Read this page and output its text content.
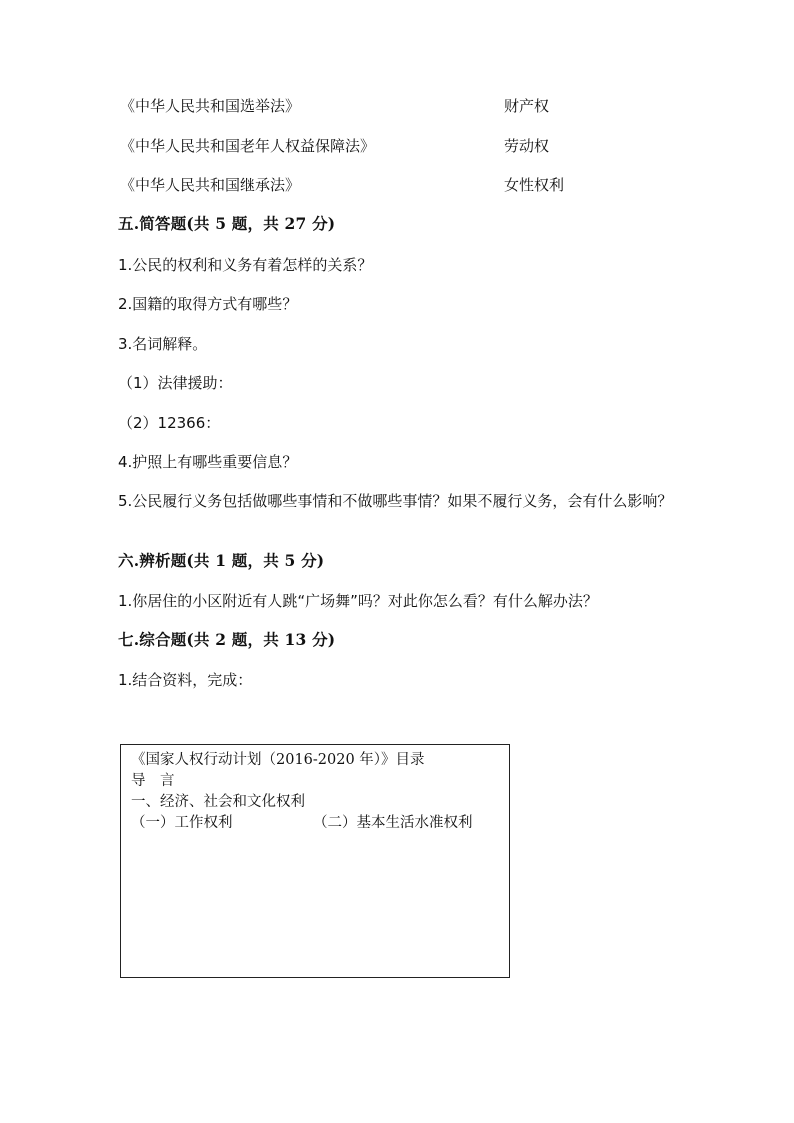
《中华人民共和国选举法》	财产权
《中华人民共和国老年人权益保障法》	劳动权
《中华人民共和国继承法》	女性权利
五.简答题(共 5 题，共 27 分)
1.公民的权利和义务有着怎样的关系？
2.国籍的取得方式有哪些？
3.名词解释。
（1）法律援助：
（2）12366：
4.护照上有哪些重要信息？
5.公民履行义务包括做哪些事情和不做哪些事情？如果不履行义务，会有什么影响？
六.辨析题(共 1 题，共 5 分)
1.你居住的小区附近有人跳“广场舞”吗？对此你怎么看？有什么解办法？
七.综合题(共 2 题，共 13 分)
1.结合资料，完成：
《国家人权行动计划（2016-2020 年）》目录
导　言
一、经济、社会和文化权利
（一）工作权利	（二）基本生活水准权利
